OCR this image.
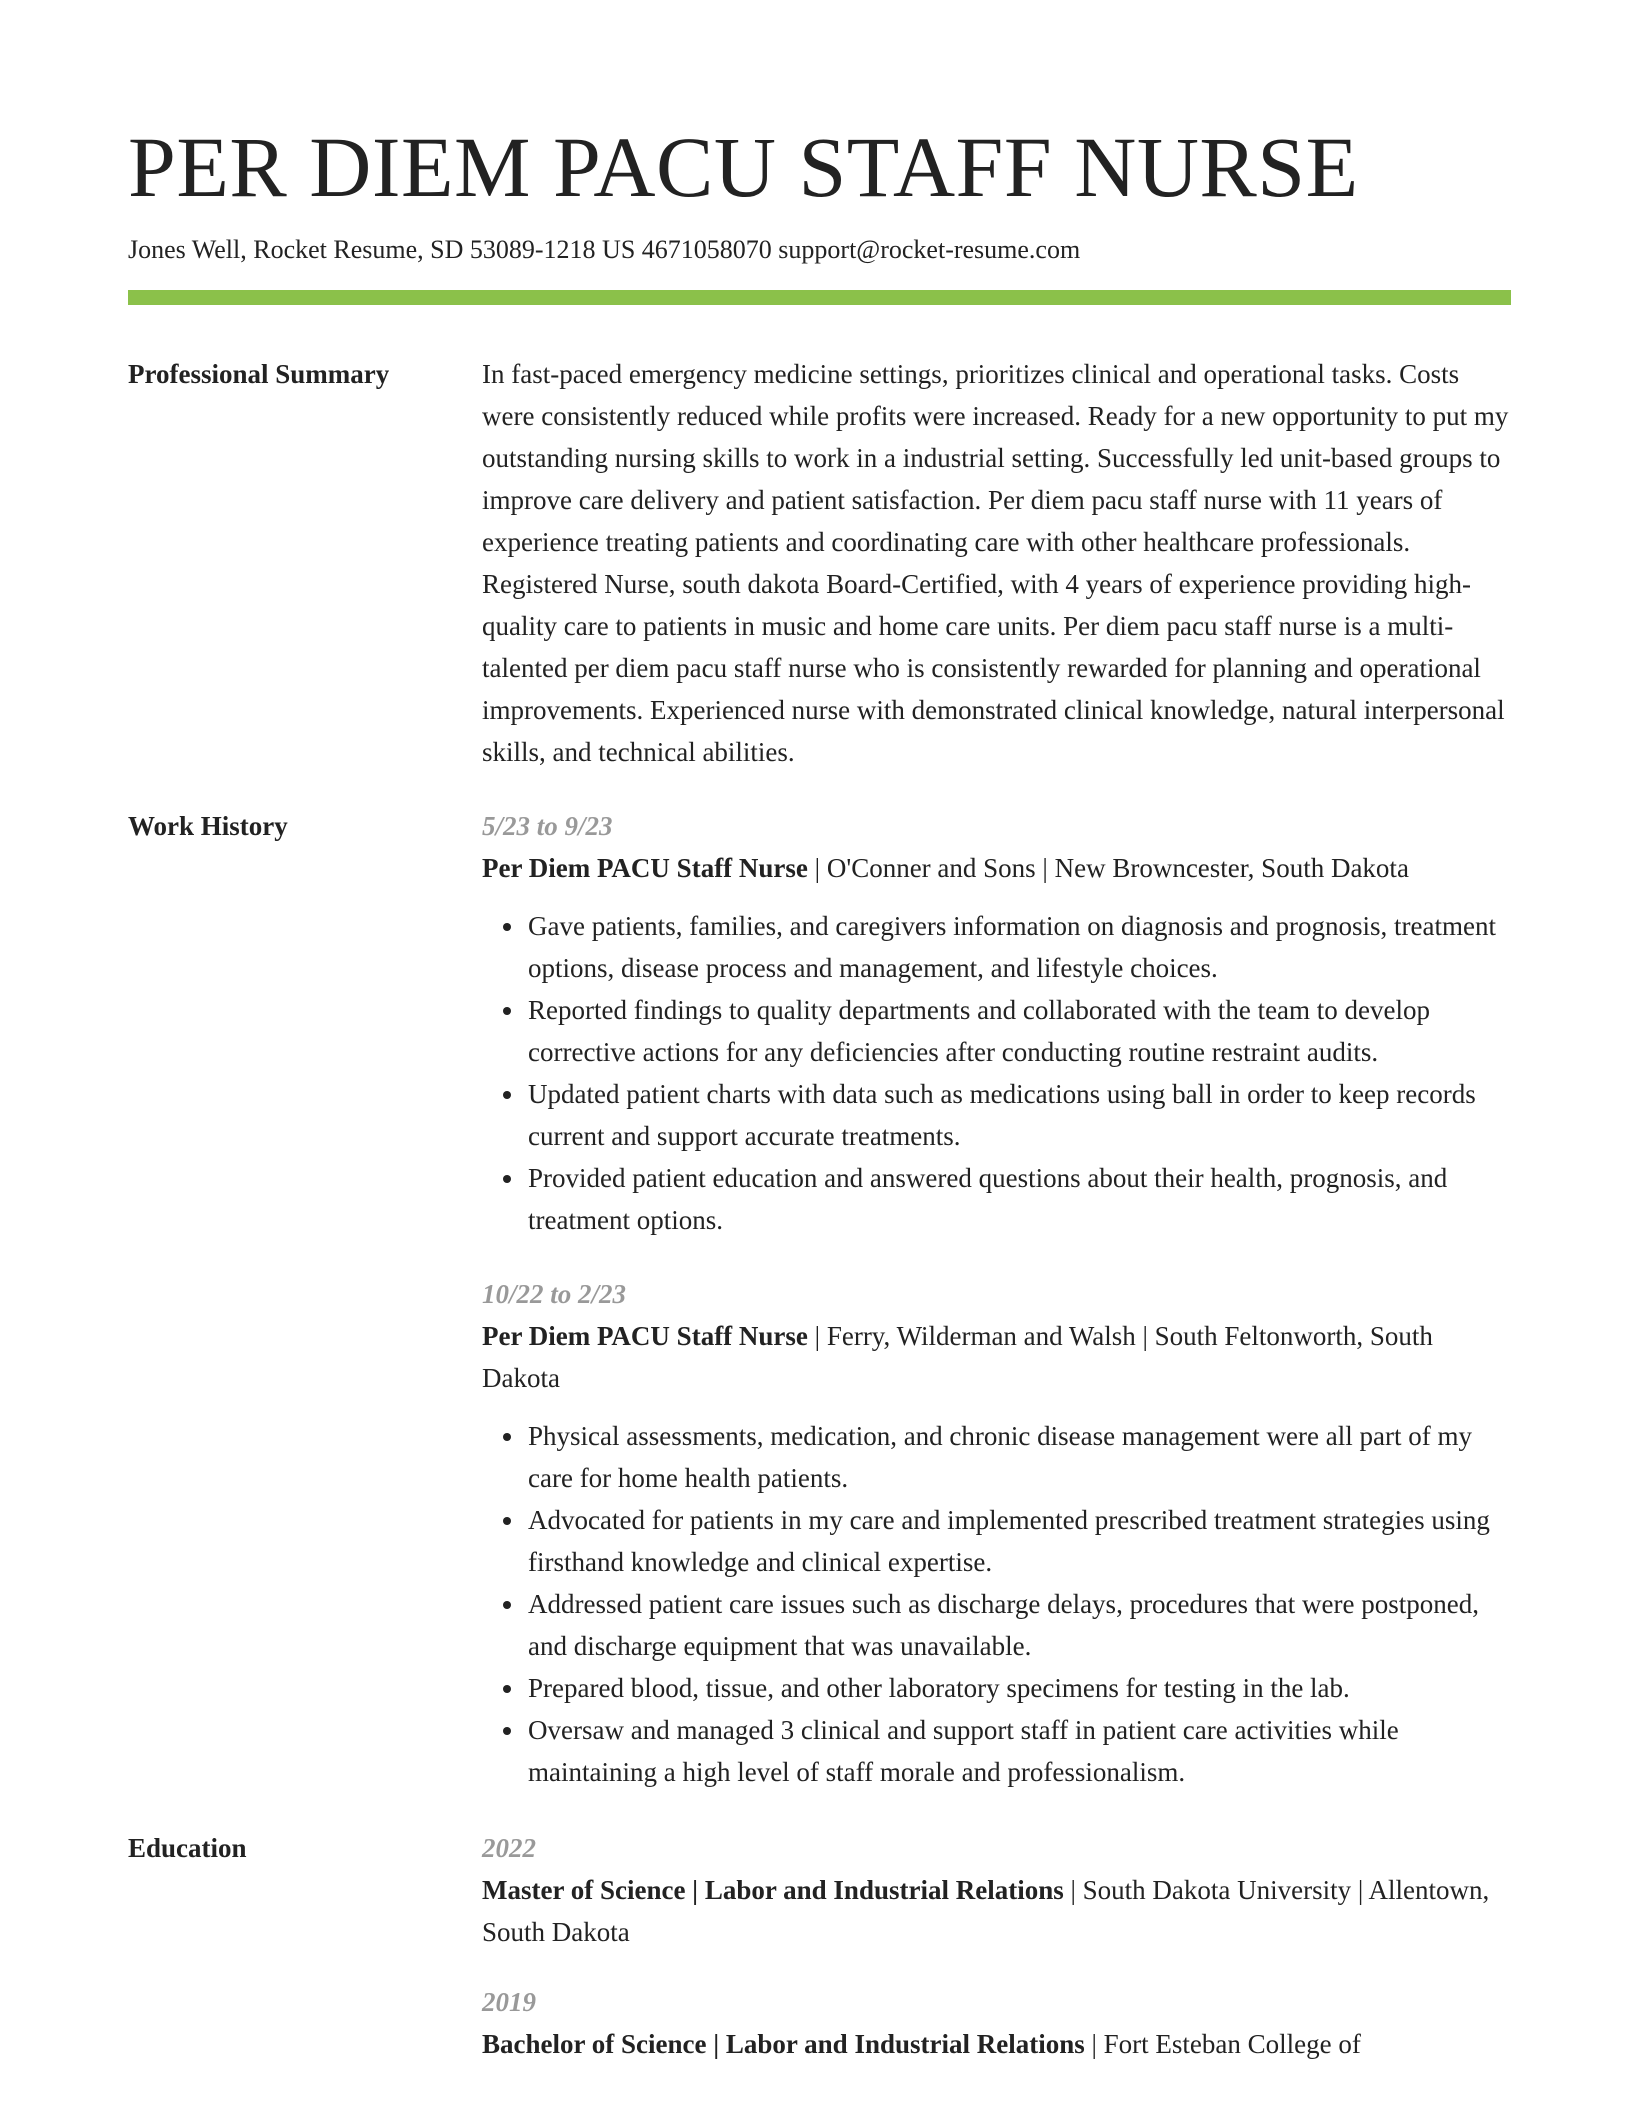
PER DIEM PACU STAFF NURSE
Jones Well, Rocket Resume, SD 53089-1218 US 4671058070 support@rocket-resume.com
Professional Summary	In fast-paced emergency medicine settings, prioritizes clinical and operational tasks. Costs were consistently reduced while profits were increased. Ready for a new opportunity to put my outstanding nursing skills to work in a industrial setting. Successfully led unit-based groups to improve care delivery and patient satisfaction. Per diem pacu staff nurse with 11 years of experience treating patients and coordinating care with other healthcare professionals. Registered Nurse, south dakota Board-Certified, with 4 years of experience providing high-quality care to patients in music and home care units. Per diem pacu staff nurse is a multi-talented per diem pacu staff nurse who is consistently rewarded for planning and operational improvements. Experienced nurse with demonstrated clinical knowledge, natural interpersonal skills, and technical abilities.
Work History	5/23 to 9/23
Per Diem PACU Staff Nurse | O'Conner and Sons | New Browncester, South Dakota
• Gave patients, families, and caregivers information on diagnosis and prognosis, treatment options, disease process and management, and lifestyle choices.
• Reported findings to quality departments and collaborated with the team to develop corrective actions for any deficiencies after conducting routine restraint audits.
• Updated patient charts with data such as medications using ball in order to keep records current and support accurate treatments.
• Provided patient education and answered questions about their health, prognosis, and treatment options.
10/22 to 2/23
Per Diem PACU Staff Nurse | Ferry, Wilderman and Walsh | South Feltonworth, South Dakota
• Physical assessments, medication, and chronic disease management were all part of my care for home health patients.
• Advocated for patients in my care and implemented prescribed treatment strategies using firsthand knowledge and clinical expertise.
• Addressed patient care issues such as discharge delays, procedures that were postponed, and discharge equipment that was unavailable.
• Prepared blood, tissue, and other laboratory specimens for testing in the lab.
• Oversaw and managed 3 clinical and support staff in patient care activities while maintaining a high level of staff morale and professionalism.
Education	2022
Master of Science | Labor and Industrial Relations | South Dakota University | Allentown, South Dakota
2019
Bachelor of Science | Labor and Industrial Relations | Fort Esteban College of
